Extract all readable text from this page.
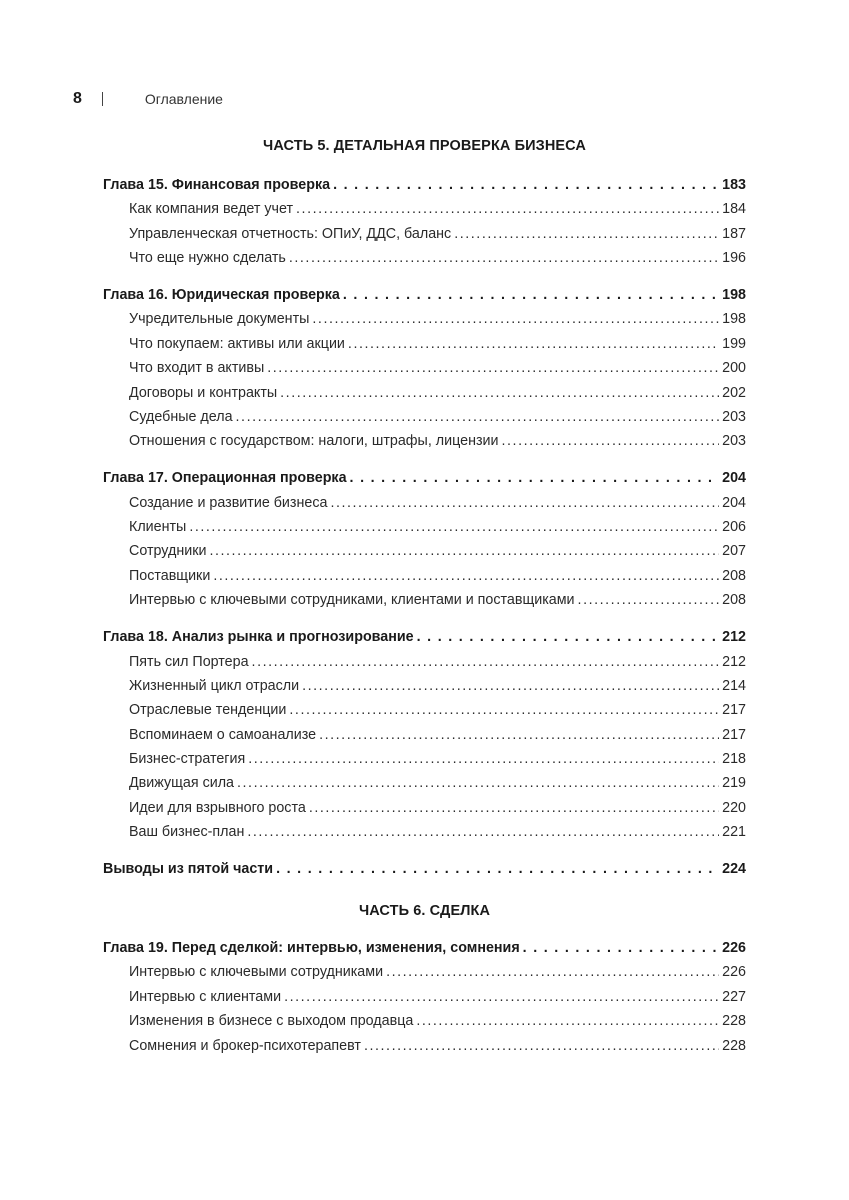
8	Оглавление
ЧАСТЬ 5. ДЕТАЛЬНАЯ ПРОВЕРКА БИЗНЕСА
Глава 15. Финансовая проверка . . .	183
Как компания ведет учет .....	184
Управленческая отчетность: ОПиУ, ДДС, баланс .....	187
Что еще нужно сделать .....	196
Глава 16. Юридическая проверка . . .	198
Учредительные документы .....	198
Что покупаем: активы или акции .....	199
Что входит в активы .....	200
Договоры и контракты .....	202
Судебные дела .....	203
Отношения с государством: налоги, штрафы, лицензии .....	203
Глава 17. Операционная проверка . . .	204
Создание и развитие бизнеса .....	204
Клиенты .....	206
Сотрудники .....	207
Поставщики .....	208
Интервью с ключевыми сотрудниками, клиентами и поставщиками .....	208
Глава 18. Анализ рынка и прогнозирование . . .	212
Пять сил Портера .....	212
Жизненный цикл отрасли .....	214
Отраслевые тенденции .....	217
Вспоминаем о самоанализе .....	217
Бизнес-стратегия .....	218
Движущая сила .....	219
Идеи для взрывного роста .....	220
Ваш бизнес-план .....	221
Выводы из пятой части . . .	224
ЧАСТЬ 6. СДЕЛКА
Глава 19. Перед сделкой: интервью, изменения, сомнения . . .	226
Интервью с ключевыми сотрудниками .....	226
Интервью с клиентами .....	227
Изменения в бизнесе с выходом продавца .....	228
Сомнения и брокер-психотерапевт .....	228
